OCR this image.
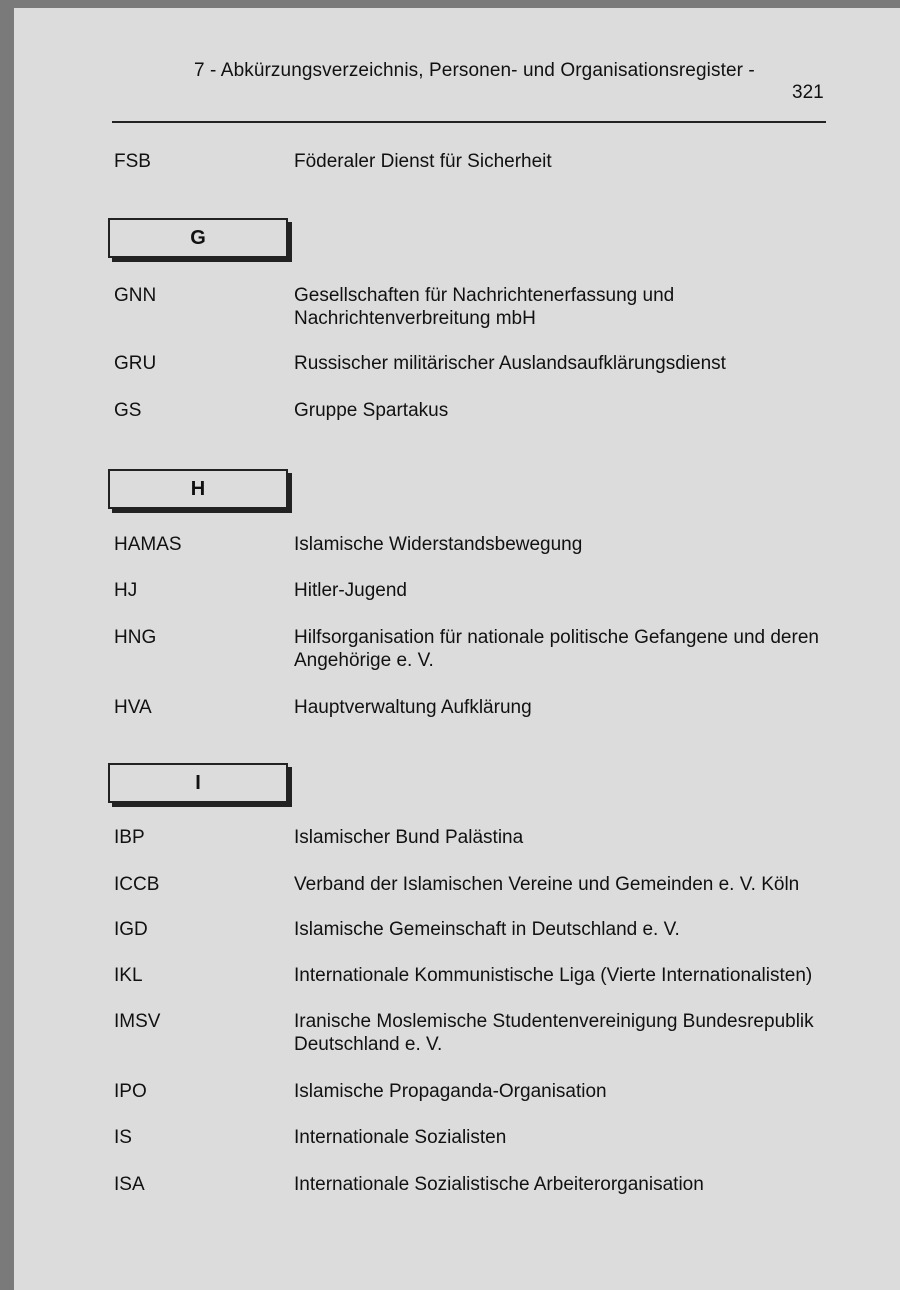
7 - Abkürzungsverzeichnis, Personen- und Organisationsregister -
321
FSB	Föderaler Dienst für Sicherheit
G
GNN	Gesellschaften für Nachrichtenerfassung und Nachrichtenverbreitung mbH
GRU	Russischer militärischer Auslandsaufklärungsdienst
GS	Gruppe Spartakus
H
HAMAS	Islamische Widerstandsbewegung
HJ	Hitler-Jugend
HNG	Hilfsorganisation für nationale politische Gefangene und deren Angehörige e. V.
HVA	Hauptverwaltung Aufklärung
I
IBP	Islamischer Bund Palästina
ICCB	Verband der Islamischen Vereine und Gemeinden e. V. Köln
IGD	Islamische Gemeinschaft in Deutschland e. V.
IKL	Internationale Kommunistische Liga (Vierte Internationalisten)
IMSV	Iranische Moslemische Studentenvereinigung Bundesrepublik Deutschland e. V.
IPO	Islamische Propaganda-Organisation
IS	Internationale Sozialisten
ISA	Internationale Sozialistische Arbeiterorganisation
